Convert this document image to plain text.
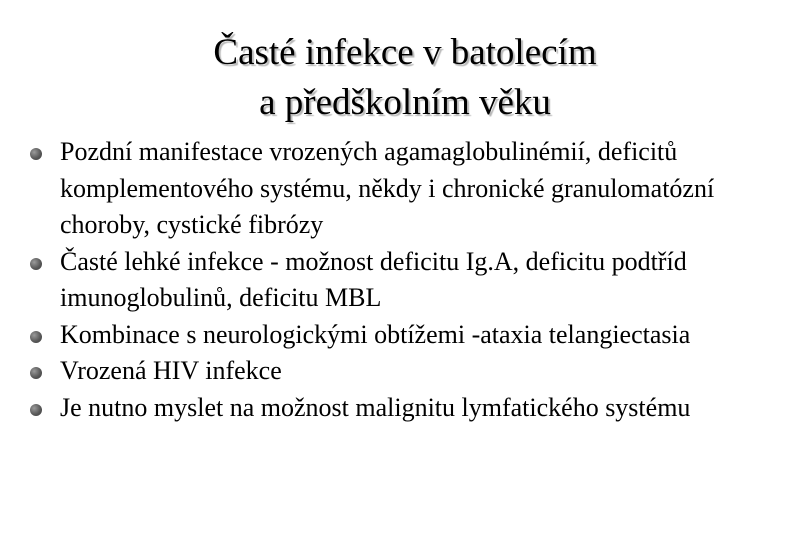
Časté infekce v batolecím
a předškolním věku
Pozdní manifestace vrozených agamaglobulinémií, deficitů komplementového systému, někdy i chronické granulomatózní choroby, cystické fibrózy
Časté lehké infekce - možnost deficitu Ig.A, deficitu podtříd imunoglobulinů, deficitu MBL
Kombinace s neurologickými obtížemi -ataxia telangiectasia
Vrozená HIV infekce
Je nutno myslet na možnost malignitu lymfatického systému
